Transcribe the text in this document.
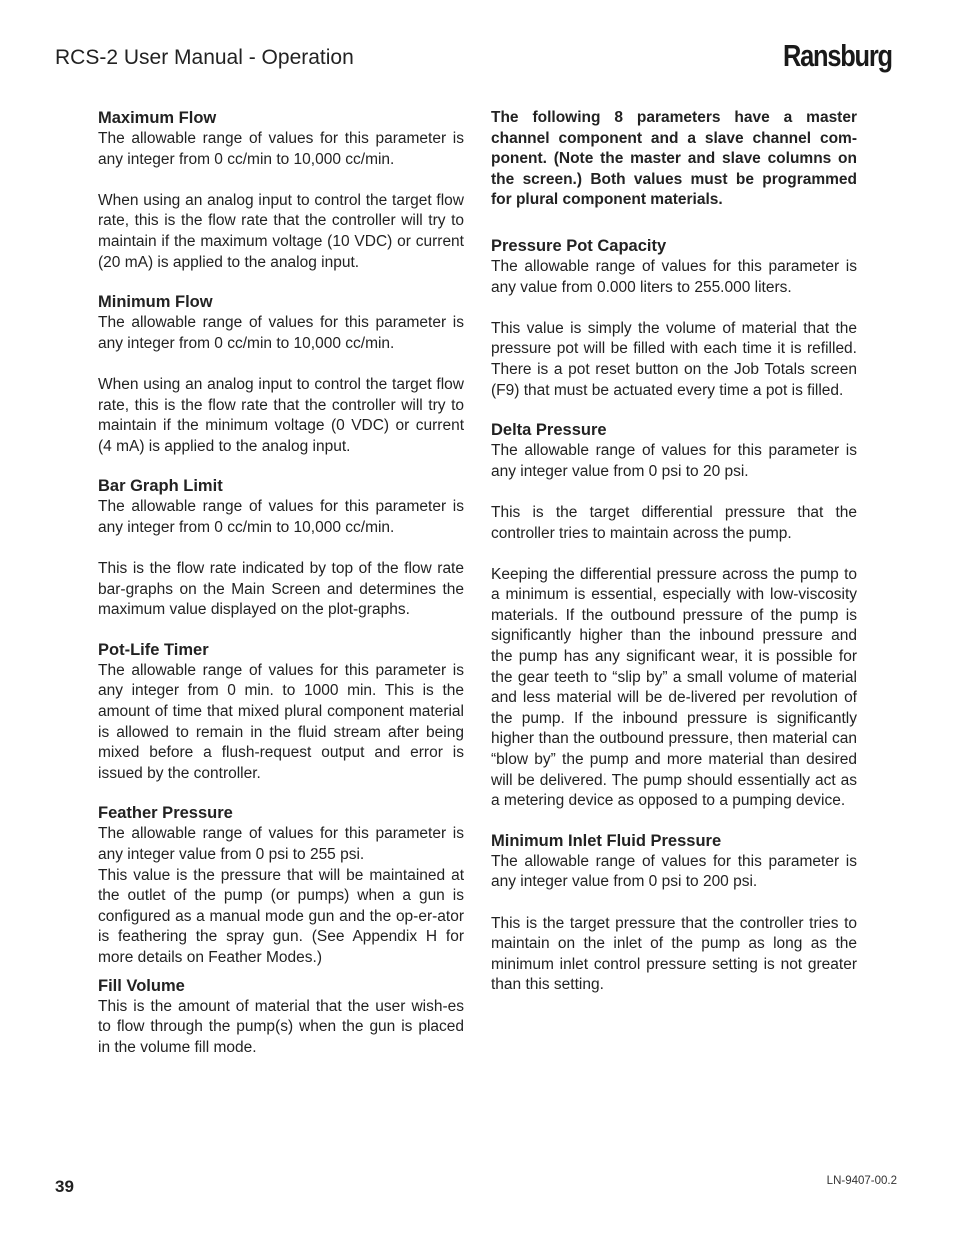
RCS-2 User Manual - Operation	Ransburg
Maximum Flow
The allowable range of values for this parameter is any integer from 0 cc/min to 10,000 cc/min.
When using an analog input to control the target flow rate, this is the flow rate that the controller will try to maintain if the maximum voltage (10 VDC) or current (20 mA) is applied to the analog input.
Minimum Flow
The allowable range of values for this parameter is any integer from 0 cc/min to 10,000 cc/min.
When using an analog input to control the target flow rate, this is the flow rate that the controller will try to maintain if the minimum voltage (0 VDC) or current (4 mA) is applied to the analog input.
Bar Graph Limit
The allowable range of values for this parameter is any integer from 0 cc/min to 10,000 cc/min.
This is the flow rate indicated by top of the flow rate bar-graphs on the Main Screen and determines the maximum value displayed on the plot-graphs.
Pot-Life Timer
The allowable range of values for this parameter is any integer from 0 min. to 1000 min. This is the amount of time that mixed plural component material is allowed to remain in the fluid stream after being mixed before a flush-request output and error is issued by the controller.
Feather Pressure
The allowable range of values for this parameter is any integer value from 0 psi to 255 psi.
This value is the pressure that will be maintained at the outlet of the pump (or pumps) when a gun is configured as a manual mode gun and the op-er-ator is feathering the spray gun. (See Appendix H for more details on Feather Modes.)
Fill Volume
This is the amount of material that the user wish-es to flow through the pump(s) when the gun is placed in the volume fill mode.
The following 8 parameters have a master channel component and a slave channel com-ponent. (Note the master and slave columns on the screen.) Both values must be programmed for plural component materials.
Pressure Pot Capacity
The allowable range of values for this parameter is any value from 0.000 liters to 255.000 liters.
This value is simply the volume of material that the pressure pot will be filled with each time it is refilled. There is a pot reset button on the Job Totals screen (F9) that must be actuated every time a pot is filled.
Delta Pressure
The allowable range of values for this parameter is any integer value from 0 psi to 20 psi.
This is the target differential pressure that the controller tries to maintain across the pump.
Keeping the differential pressure across the pump to a minimum is essential, especially with low-viscosity materials. If the outbound pressure of the pump is significantly higher than the inbound pressure and the pump has any significant wear, it is possible for the gear teeth to “slip by” a small volume of material and less material will be de-livered per revolution of the pump. If the inbound pressure is significantly higher than the outbound pressure, then material can “blow by” the pump and more material than desired will be delivered. The pump should essentially act as a metering device as opposed to a pumping device.
Minimum Inlet Fluid Pressure
The allowable range of values for this parameter is any integer value from 0 psi to 200 psi.
This is the target pressure that the controller tries to maintain on the inlet of the pump as long as the minimum inlet control pressure setting is not greater than this setting.
39	LN-9407-00.2
